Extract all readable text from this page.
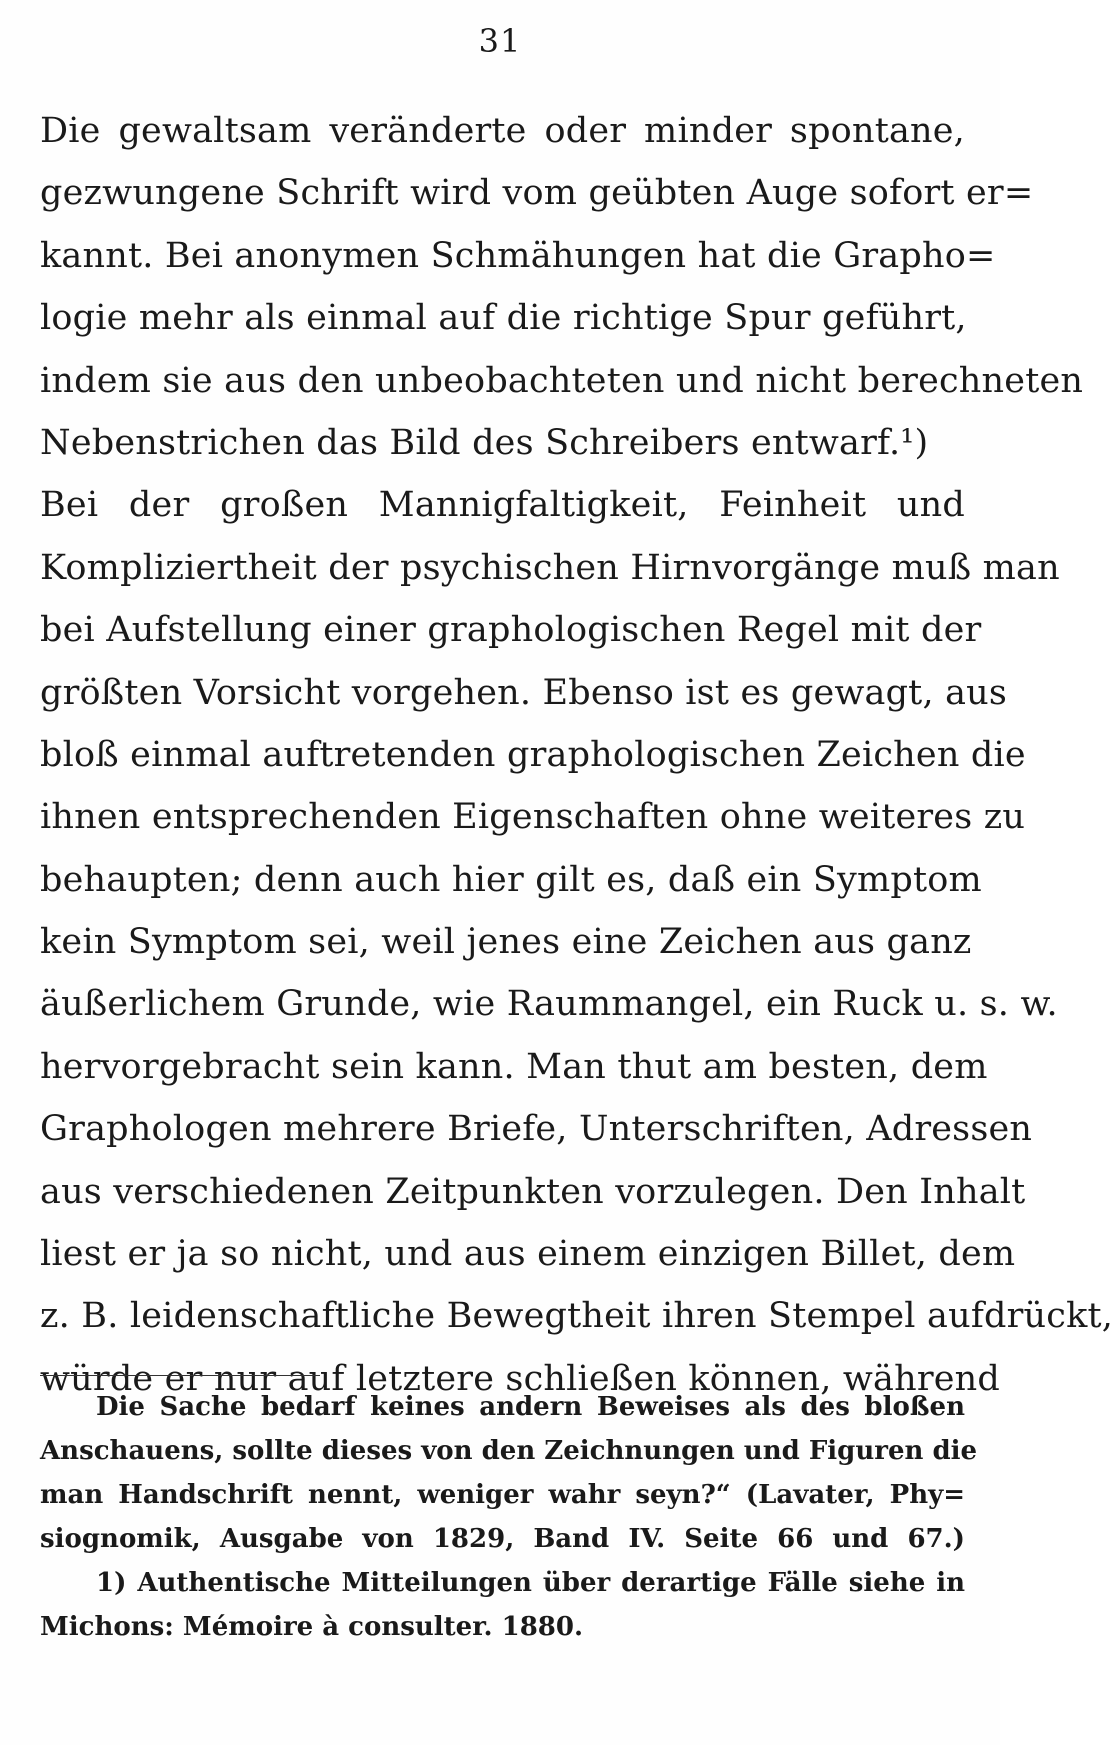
31
Die gewaltsam veränderte oder minder spontane,
gezwungene Schrift wird vom geübten Auge sofort er=
kannt. Bei anonymen Schmähungen hat die Grapho=
logie mehr als einmal auf die richtige Spur geführt,
indem sie aus den unbeobachteten und nicht berechneten
Nebenstrichen das Bild des Schreibers entwarf.¹)
Bei der großen Mannigfaltigkeit, Feinheit und
Kompliziertheit der psychischen Hirnvorgänge muß man
bei Aufstellung einer graphologischen Regel mit der
größten Vorsicht vorgehen. Ebenso ist es gewagt, aus
bloß einmal auftretenden graphologischen Zeichen die
ihnen entsprechenden Eigenschaften ohne weiteres zu
behaupten; denn auch hier gilt es, daß ein Symptom
kein Symptom sei, weil jenes eine Zeichen aus ganz
äußerlichem Grunde, wie Raummangel, ein Ruck u. s. w.
hervorgebracht sein kann. Man thut am besten, dem
Graphologen mehrere Briefe, Unterschriften, Adressen
aus verschiedenen Zeitpunkten vorzulegen. Den Inhalt
liest er ja so nicht, und aus einem einzigen Billet, dem
z. B. leidenschaftliche Bewegtheit ihren Stempel aufdrückt,
würde er nur auf letztere schließen können, während
Die Sache bedarf keines andern Beweises als des bloßen
Anschauens, sollte dieses von den Zeichnungen und Figuren die
man Handschrift nennt, weniger wahr seyn?“ (Lavater, Phy=
siognomik, Ausgabe von 1829, Band IV. Seite 66 und 67.)
1) Authentische Mitteilungen über derartige Fälle siehe in
Michons: Mémoire à consulter. 1880.
